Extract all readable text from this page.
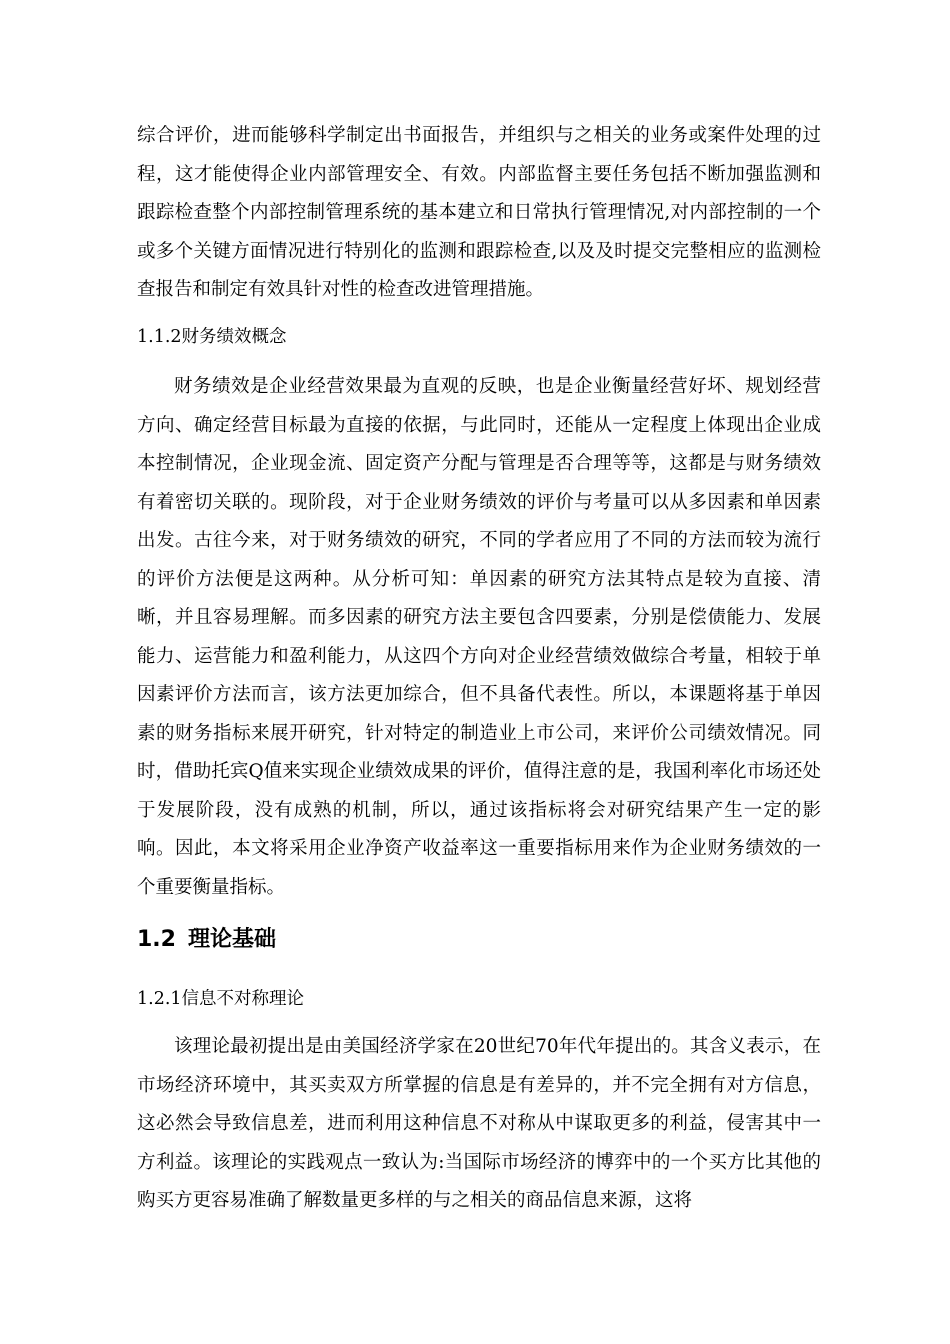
综合评价，进而能够科学制定出书面报告，并组织与之相关的业务或案件处理的过程，这才能使得企业内部管理安全、有效。内部监督主要任务包括不断加强监测和跟踪检查整个内部控制管理系统的基本建立和日常执行管理情况,对内部控制的一个或多个关键方面情况进行特别化的监测和跟踪检查,以及及时提交完整相应的监测检查报告和制定有效具针对性的检查改进管理措施。

1.1.2财务绩效概念

财务绩效是企业经营效果最为直观的反映，也是企业衡量经营好坏、规划经营方向、确定经营目标最为直接的依据，与此同时，还能从一定程度上体现出企业成本控制情况，企业现金流、固定资产分配与管理是否合理等等，这都是与财务绩效有着密切关联的。现阶段，对于企业财务绩效的评价与考量可以从多因素和单因素出发。古往今来，对于财务绩效的研究，不同的学者应用了不同的方法而较为流行的评价方法便是这两种。从分析可知：单因素的研究方法其特点是较为直接、清晰，并且容易理解。而多因素的研究方法主要包含四要素，分别是偿债能力、发展能力、运营能力和盈利能力，从这四个方向对企业经营绩效做综合考量，相较于单因素评价方法而言，该方法更加综合，但不具备代表性。所以，本课题将基于单因素的财务指标来展开研究，针对特定的制造业上市公司，来评价公司绩效情况。同时，借助托宾Q值来实现企业绩效成果的评价，值得注意的是，我国利率化市场还处于发展阶段，没有成熟的机制，所以，通过该指标将会对研究结果产生一定的影响。因此，本文将采用企业净资产收益率这一重要指标用来作为企业财务绩效的一个重要衡量指标。

1.2 理论基础

1.2.1信息不对称理论

该理论最初提出是由美国经济学家在20世纪70年代年提出的。其含义表示，在市场经济环境中，其买卖双方所掌握的信息是有差异的，并不完全拥有对方信息，这必然会导致信息差，进而利用这种信息不对称从中谋取更多的利益，侵害其中一方利益。该理论的实践观点一致认为:当国际市场经济的博弈中的一个买方比其他的购买方更容易准确了解数量更多样的与之相关的商品信息来源，这将
